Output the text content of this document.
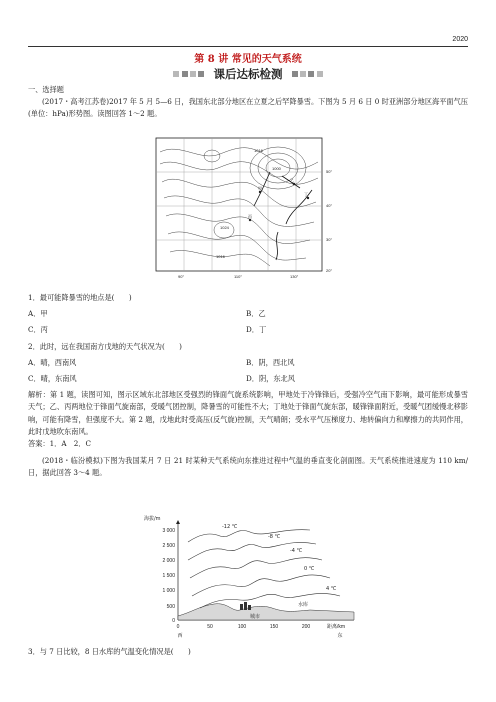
2020
第 8 讲 常见的天气系统
课后达标检测
一、选择题
(2017・高考江苏卷)2017 年 5 月 5—6 日，我国东北部分地区在立夏之后罕降暴雪。下图为 5 月 6 日 0 时亚洲部分地区海平面气压(单位：hPa)形势图。读图回答 1～2 题。
50°
40°
30°
20°
90°	110°	130°
1016
1000
1024
1016
甲
乙
丙
丁
1．最可能降暴雪的地点是(　　)
A．甲	B．乙
C．丙	D．丁
2．此时，远在我国南方戊地的天气状况为(　　)
A．晴，西南风	B．阴，西北风
C．晴，东南风	D．阴，东北风
解析：第 1 题，读图可知，图示区域东北部地区受强烈的锋面气旋系统影响，甲地处于冷锋锋后，受强冷空气南下影响，最可能形成暴雪天气；乙、丙两地位于锋面气旋南部，受暖气团控制，降暑雪的可能性不大；丁地处于锋面气旋东部，暖锋锋面附近，受暖气团缓慢北移影响，可能有降雪，但强度不大。第 2 题，戊地此时受高压(反气旋)控制，天气晴朗；受水平气压梯度力、地转偏向力和摩擦力的共同作用，此时戊地吹东南风。
答案：1．A　2．C
(2018・临汾模拟)下图为我国某月 7 日 21 时某种天气系统向东推进过程中气温的垂直变化剖面图。天气系统推进速度为 110 km/日，据此回答 3～4 题。
海拔/m
3 000
2 500
2 000
1 500
1 000
500
0
0	50	100	150	200	距离/km
西	东
-12 ℃
-8 ℃
-4 ℃
0 ℃
4 ℃
城市
水库
3．与 7 日比较，8 日水库的气温变化情况是(　　)
